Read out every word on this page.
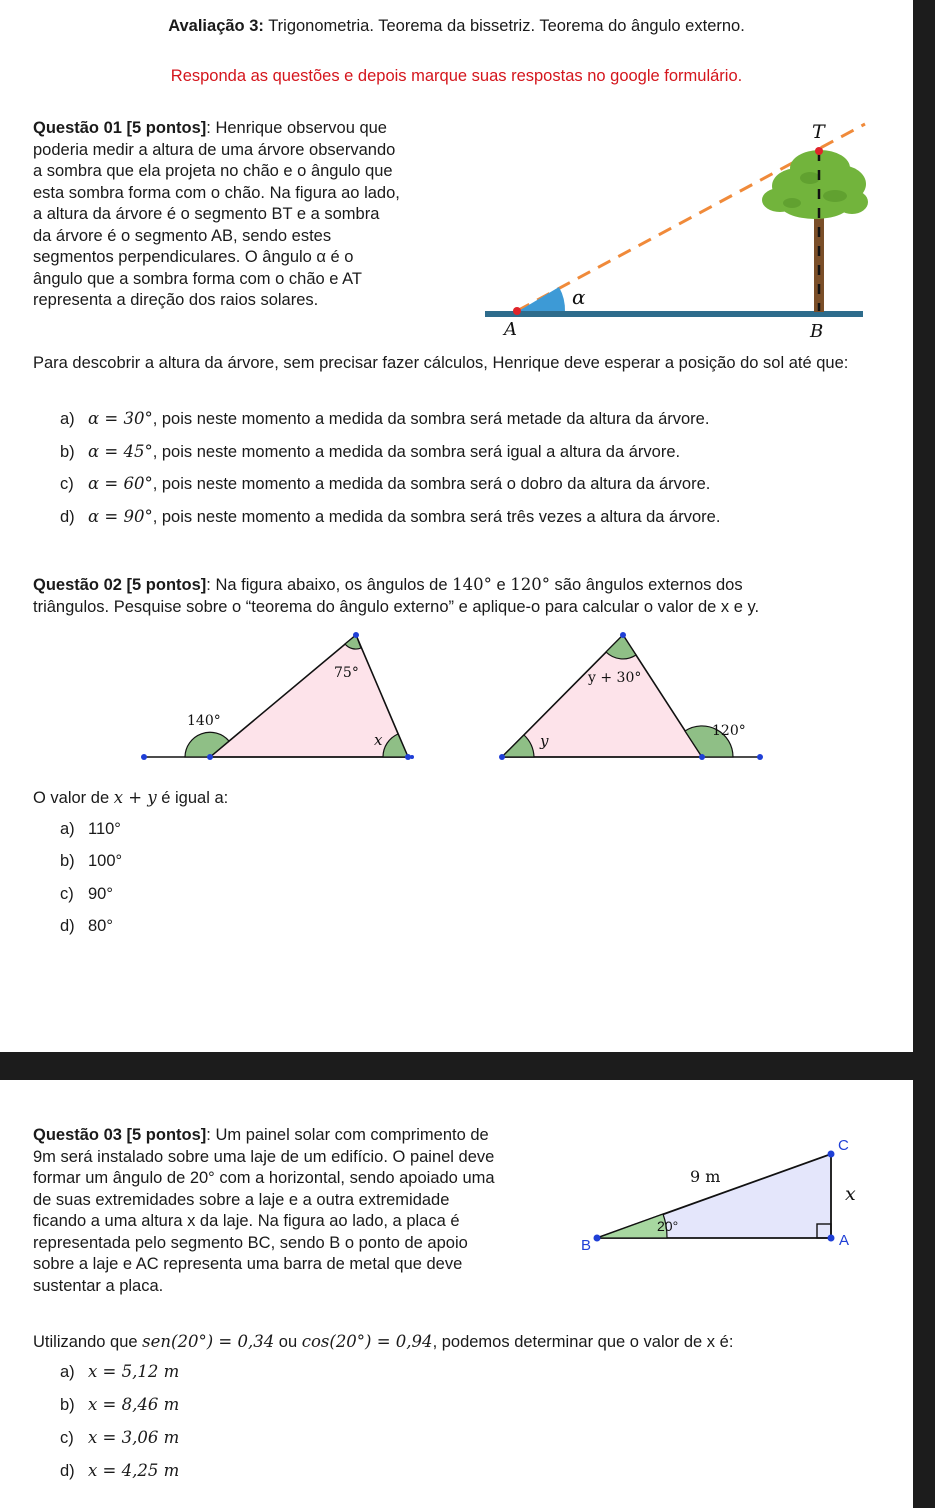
Avaliação 3: Trigonometria. Teorema da bissetriz. Teorema do ângulo externo.
Responda as questões e depois marque suas respostas no google formulário.
Questão 01 [5 pontos]: Henrique observou que
poderia medir a altura de uma árvore observando
a sombra que ela projeta no chão e o ângulo que
esta sombra forma com o chão. Na figura ao lado,
a altura da árvore é o segmento BT e a sombra
da árvore é o segmento AB, sendo estes
segmentos perpendiculares. O ângulo α é o
ângulo que a sombra forma com o chão e AT
representa a direção dos raios solares.
T
A	B
α
Para descobrir a altura da árvore, sem precisar fazer cálculos, Henrique deve esperar a posição do sol até que:
a) α = 30°, pois neste momento a medida da sombra será metade da altura da árvore.
b) α = 45°, pois neste momento a medida da sombra será igual a altura da árvore.
c) α = 60°, pois neste momento a medida da sombra será o dobro da altura da árvore.
d) α = 90°, pois neste momento a medida da sombra será três vezes a altura da árvore.
Questão 02 [5 pontos]: Na figura abaixo, os ângulos de 140° e 120° são ângulos externos dos
triângulos. Pesquise sobre o “teorema do ângulo externo” e aplique-o para calcular o valor de x e y.
75°
140°
x
y + 30°
y
120°
O valor de x + y é igual a:
a) 110°
b) 100°
c) 90°
d) 80°
Questão 03 [5 pontos]: Um painel solar com comprimento de
9m será instalado sobre uma laje de um edifício. O painel deve
formar um ângulo de 20° com a horizontal, sendo apoiado uma
de suas extremidades sobre a laje e a outra extremidade
ficando a uma altura x da laje. Na figura ao lado, a placa é
representada pelo segmento BC, sendo B o ponto de apoio
sobre a laje e AC representa uma barra de metal que deve
sustentar a placa.
B
C
A
9 m
x
20°
Utilizando que sen(20°) = 0,34 ou cos(20°) = 0,94, podemos determinar que o valor de x é:
a) x = 5,12 m
b) x = 8,46 m
c) x = 3,06 m
d) x = 4,25 m
